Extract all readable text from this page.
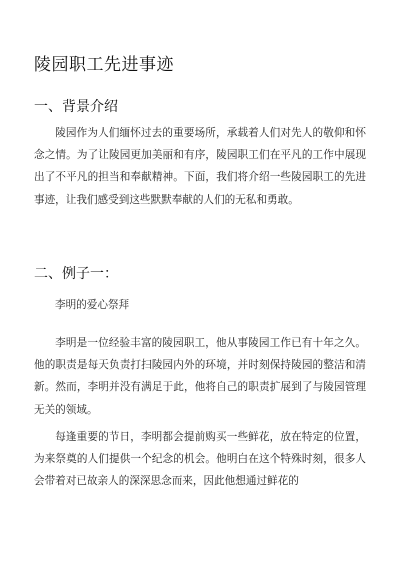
陵园职工先进事迹
一、背景介绍

陵园作为人们缅怀过去的重要场所，承载着人们对先人的敬仰和怀念之情。为了让陵园更加美丽和有序，陵园职工们在平凡的工作中展现出了不平凡的担当和奉献精神。下面，我们将介绍一些陵园职工的先进事迹，让我们感受到这些默默奉献的人们的无私和勇敢。

二、例子一：

李明的爱心祭拜

李明是一位经验丰富的陵园职工，他从事陵园工作已有十年之久。他的职责是每天负责打扫陵园内外的环境，并时刻保持陵园的整洁和清新。然而，李明并没有满足于此，他将自己的职责扩展到了与陵园管理无关的领域。

每逢重要的节日，李明都会提前购买一些鲜花，放在特定的位置，为来祭奠的人们提供一个纪念的机会。他明白在这个特殊时刻，很多人会带着对已故亲人的深深思念而来，因此他想通过鲜花的
